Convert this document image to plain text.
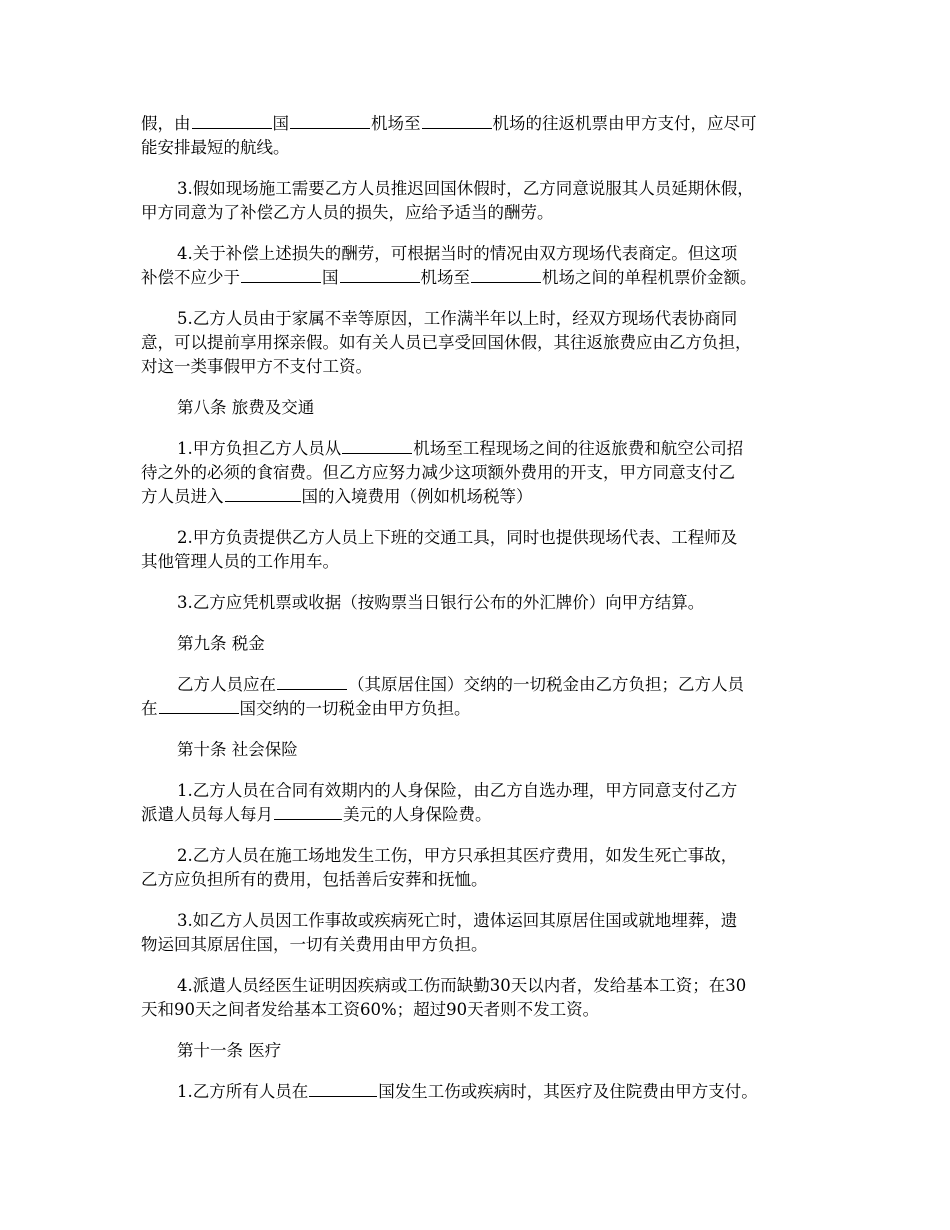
假，由	国	机场至	机场的往返机票由甲方支付，应尽可
能安排最短的航线。
3.假如现场施工需要乙方人员推迟回国休假时，乙方同意说服其人员延期休假，
甲方同意为了补偿乙方人员的损失，应给予适当的酬劳。
4.关于补偿上述损失的酬劳，可根据当时的情况由双方现场代表商定。但这项
补偿不应少于	国	机场至	机场之间的单程机票价金额。
5.乙方人员由于家属不幸等原因，工作满半年以上时，经双方现场代表协商同
意，可以提前享用探亲假。如有关人员已享受回国休假，其往返旅费应由乙方负担，
对这一类事假甲方不支付工资。
第八条 旅费及交通
1.甲方负担乙方人员从	机场至工程现场之间的往返旅费和航空公司招
待之外的必须的食宿费。但乙方应努力减少这项额外费用的开支，甲方同意支付乙
方人员进入	国的入境费用（例如机场税等）
2.甲方负责提供乙方人员上下班的交通工具，同时也提供现场代表、工程师及
其他管理人员的工作用车。
3.乙方应凭机票或收据（按购票当日银行公布的外汇牌价）向甲方结算。
第九条 税金
乙方人员应在	（其原居住国）交纳的一切税金由乙方负担；乙方人员
在	国交纳的一切税金由甲方负担。
第十条 社会保险
1.乙方人员在合同有效期内的人身保险，由乙方自选办理，甲方同意支付乙方
派遣人员每人每月	美元的人身保险费。
2.乙方人员在施工场地发生工伤，甲方只承担其医疗费用，如发生死亡事故，
乙方应负担所有的费用，包括善后安葬和抚恤。
3.如乙方人员因工作事故或疾病死亡时，遗体运回其原居住国或就地埋葬，遗
物运回其原居住国，一切有关费用由甲方负担。
4.派遣人员经医生证明因疾病或工伤而缺勤30天以内者，发给基本工资；在30
天和90天之间者发给基本工资60%；超过90天者则不发工资。
第十一条 医疗
1.乙方所有人员在	国发生工伤或疾病时，其医疗及住院费由甲方支付。
